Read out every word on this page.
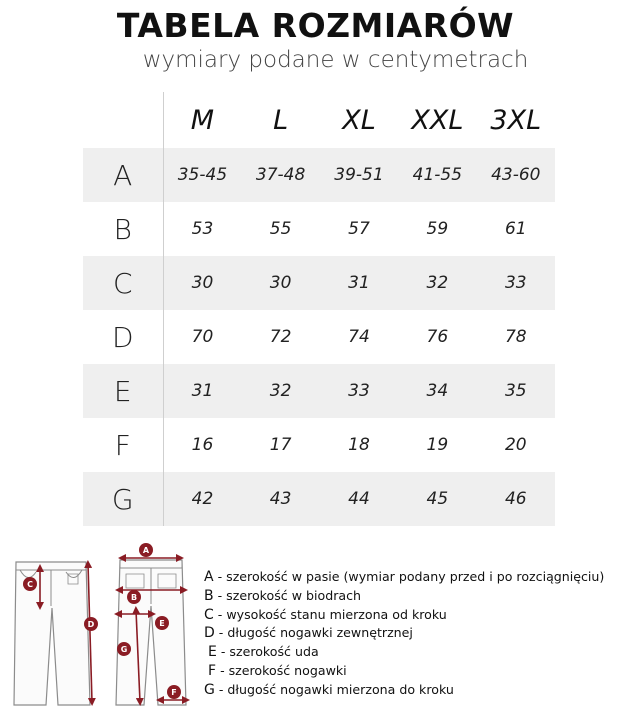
TABELA ROZMIARÓW
wymiary podane w centymetrach
	M	L	XL	XXL	3XL
A	35-45	37-48	39-51	41-55	43-60
B	53	55	57	59	61
C	30	30	31	32	33
D	70	72	74	76	78
E	31	32	33	34	35
F	16	17	18	19	20
G	42	43	44	45	46
A
B
C
D	E
F
G
A - szerokość w pasie (wymiar podany przed i po rozciągnięciu)
B - szerokość w biodrach
C - wysokość stanu mierzona od kroku
D - długość nogawki zewnętrznej
E - szerokość uda
F - szerokość nogawki
G - długość nogawki mierzona do kroku
